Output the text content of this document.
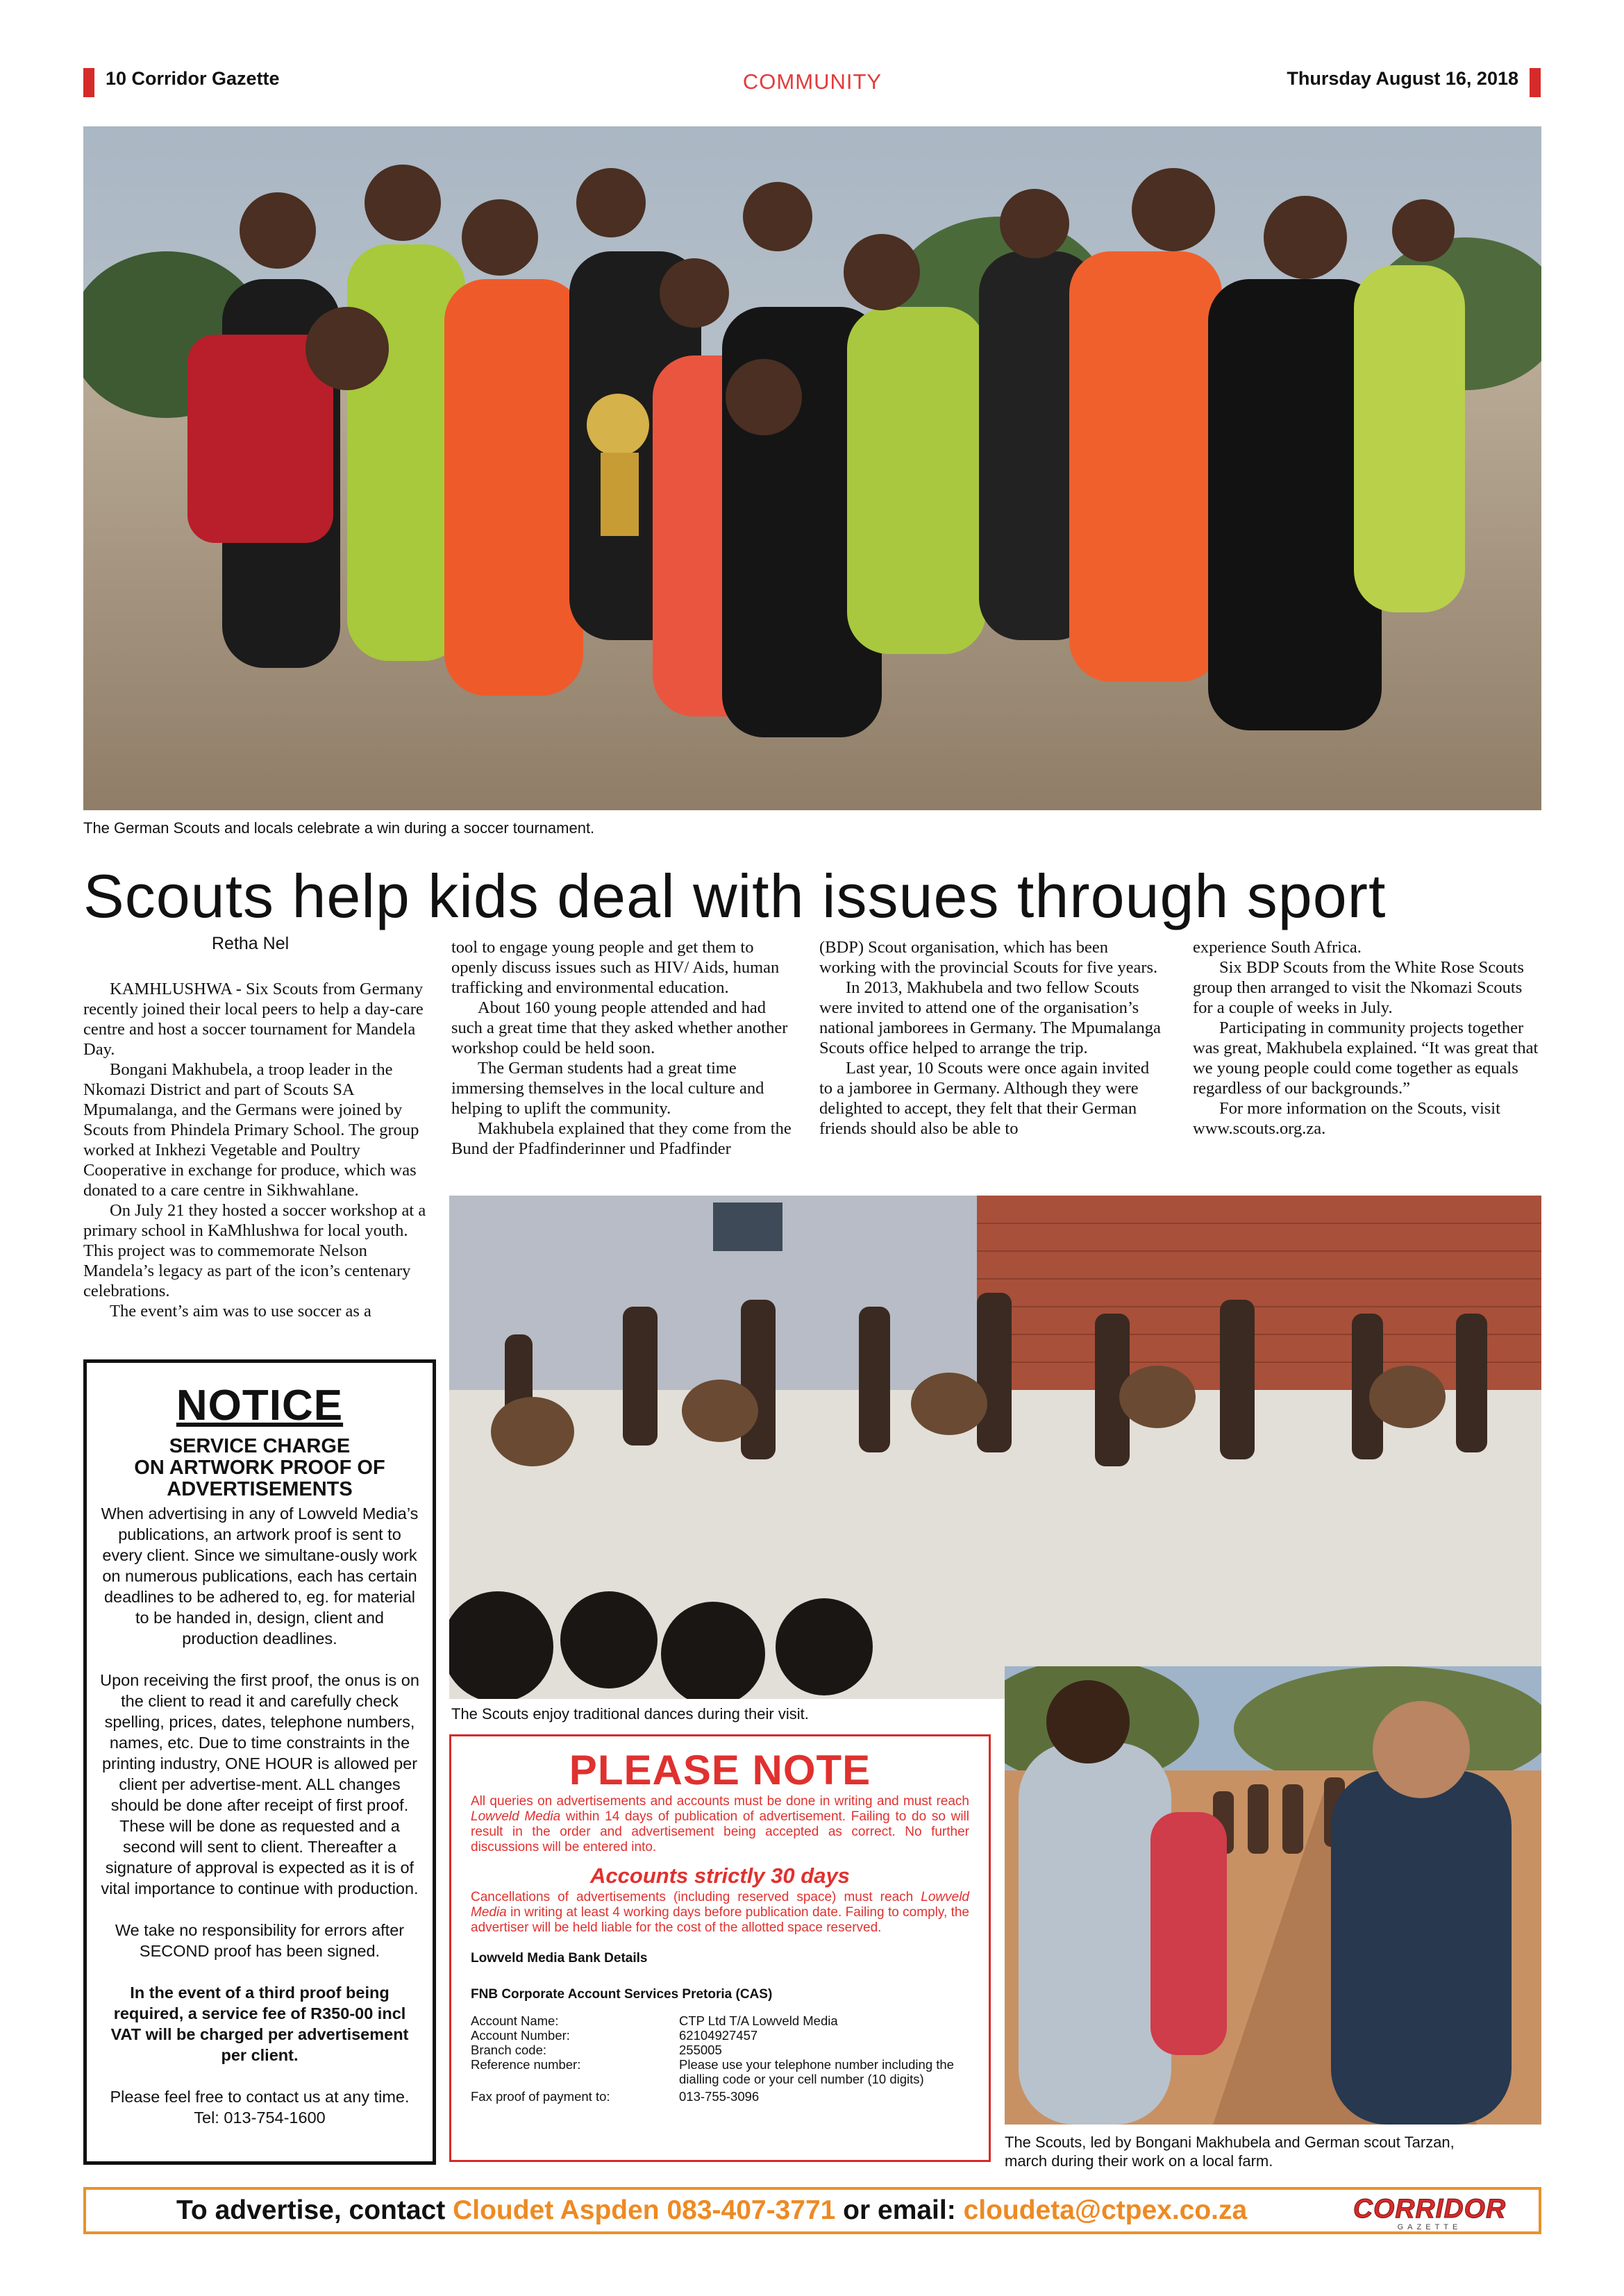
10 Corridor Gazette	COMMUNITY	Thursday August 16, 2018
The German Scouts and locals celebrate a win during a soccer tournament.
Scouts help kids deal with issues through sport
Retha Nel

KAMHLUSHWA - Six Scouts from Germany recently joined their local peers to help a day-care centre and host a soccer tournament for Mandela Day.

Bongani Makhubela, a troop leader in the Nkomazi District and part of Scouts SA Mpumalanga, and the Germans were joined by Scouts from Phindela Primary School. The group worked at Inkhezi Vegetable and Poultry Cooperative in exchange for produce, which was donated to a care centre in Sikhwahlane.

On July 21 they hosted a soccer workshop at a primary school in KaMhlushwa for local youth. This project was to commemorate Nelson Mandela’s legacy as part of the icon’s centenary celebrations.

The event’s aim was to use soccer as a

tool to engage young people and get them to openly discuss issues such as HIV/ Aids, human trafficking and environmental education.

About 160 young people attended and had such a great time that they asked whether another workshop could be held soon.

The German students had a great time immersing themselves in the local culture and helping to uplift the community.

Makhubela explained that they come from the Bund der Pfadfinderinner und Pfadfinder

(BDP) Scout organisation, which has been working with the provincial Scouts for five years.

In 2013, Makhubela and two fellow Scouts were invited to attend one of the organisation’s national jamborees in Germany. The Mpumalanga Scouts office helped to arrange the trip.

Last year, 10 Scouts were once again invited to a jamboree in Germany. Although they were delighted to accept, they felt that their German friends should also be able to

experience South Africa.

Six BDP Scouts from the White Rose Scouts group then arranged to visit the Nkomazi Scouts for a couple of weeks in July.

Participating in community projects together was great, Makhubela explained. “It was great that we young people could come together as equals regardless of our backgrounds.”

For more information on the Scouts, visit www.scouts.org.za.

NOTICE
SERVICE CHARGE
ON ARTWORK PROOF OF
ADVERTISEMENTS

When advertising in any of Lowveld Media’s publications, an artwork proof is sent to every client. Since we simultane-ously work on numerous publications, each has certain deadlines to be adhered to, eg. for material to be handed in, design, client and production deadlines.

Upon receiving the first proof, the onus is on the client to read it and carefully check spelling, prices, dates, telephone numbers, names, etc. Due to time constraints in the printing industry, ONE HOUR is allowed per client per advertise-ment. ALL changes should be done after receipt of first proof. These will be done as requested and a second will sent to client. Thereafter a signature of approval is expected as it is of vital importance to continue with production.

We take no responsibility for errors after SECOND proof has been signed.

In the event of a third proof being required, a service fee of R350-00 incl VAT will be charged per advertisement per client.

Please feel free to contact us at any time.

Tel: 013-754-1600

The Scouts enjoy traditional dances during their visit.
PLEASE NOTE
All queries on advertisements and accounts must be done in writing and must reach Lowveld Media within 14 days of publication of advertisement. Failing to do so will result in the order and advertisement being accepted as correct. No further discussions will be entered into.
Accounts strictly 30 days
Cancellations of advertisements (including reserved space) must reach Lowveld Media in writing at least 4 working days before publication date. Failing to comply, the advertiser will be held liable for the cost of the allotted space reserved.
Lowveld Media Bank Details
FNB Corporate Account Services Pretoria (CAS)
Account Name:	CTP Ltd T/A Lowveld Media
Account Number:	62104927457
Branch code:	255005
Reference number:	Please use your telephone number including the dialling code or your cell number (10 digits)
Fax proof of payment to:	013-755-3096
The Scouts, led by Bongani Makhubela and German scout Tarzan,
march during their work on a local farm.
To advertise, contact Cloudet Aspden 083-407-3771 or email: cloudeta@ctpex.co.za	CORRIDOR
GAZETTE
